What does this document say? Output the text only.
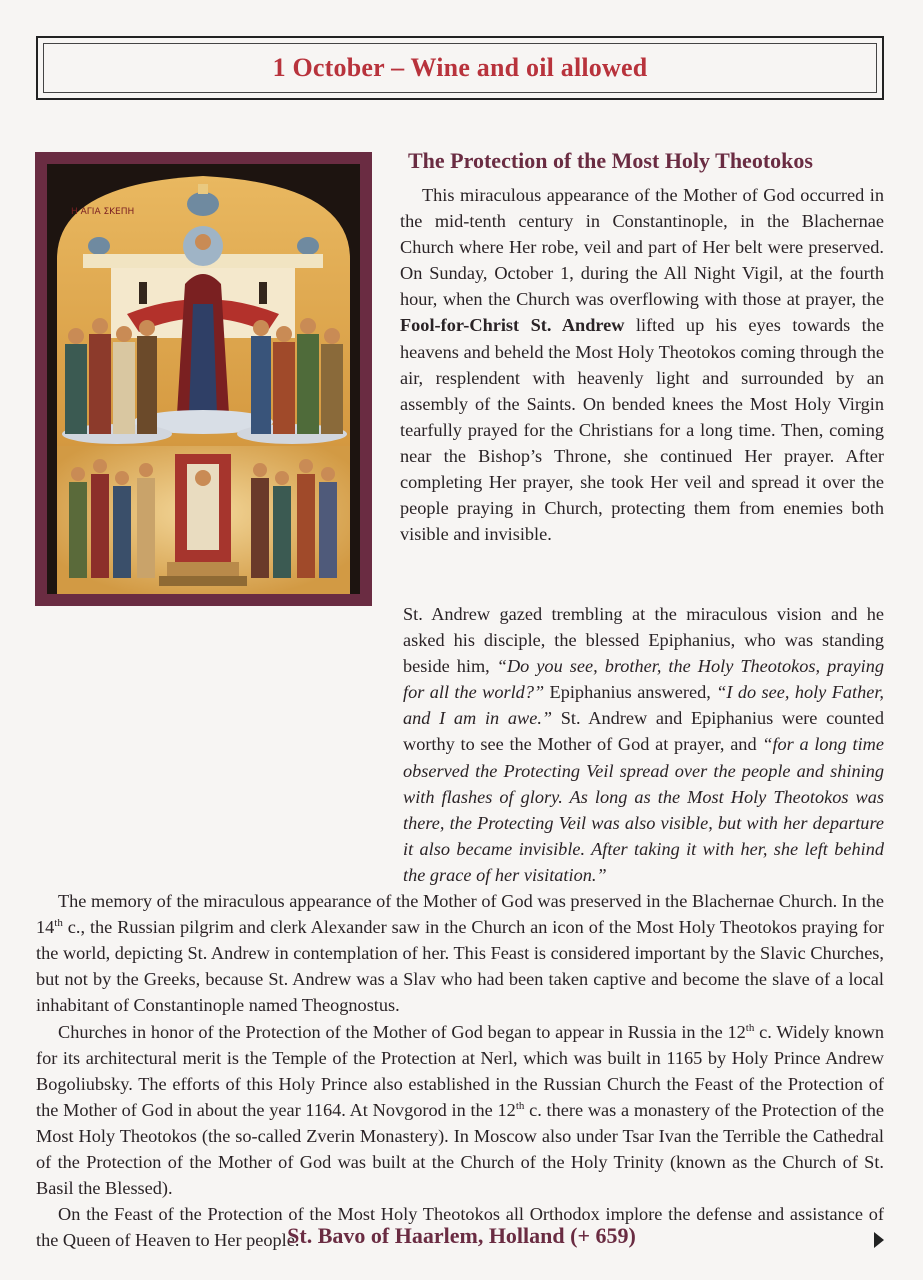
1 October – Wine and oil allowed
Η ΑΓΙΑ ΣΚΕΠΗ
The Protection of the Most Holy Theotokos

This miraculous appearance of the Mother of God occurred in the mid-tenth century in Constantinople, in the Blachernae Church where Her robe, veil and part of Her belt were preserved. On Sunday, October 1, during the All Night Vigil, at the fourth hour, when the Church was overflowing with those at prayer, the Fool-for-Christ St. Andrew lifted up his eyes towards the heavens and beheld the Most Holy Theotokos coming through the air, resplendent with heavenly light and surrounded by an assembly of the Saints. On bended knees the Most Holy Virgin tearfully prayed for the Christians for a long time. Then, coming near the Bishop’s Throne, she continued Her prayer. After completing Her prayer, she took Her veil and spread it over the people praying in Church, protecting them from enemies both visible and invisible.

St. Andrew gazed trembling at the miraculous vision and he asked his disciple, the blessed Epiphanius, who was standing beside him, “Do you see, brother, the Holy Theotokos, praying for all the world?” Epiphanius answered, “I do see, holy Father, and I am in awe.” St. Andrew and Epiphanius were counted worthy to see the Mother of God at prayer, and “for a long time observed the Protecting Veil spread over the people and shining with flashes of glory. As long as the Most Holy Theotokos was there, the Protecting Veil was also visible, but with her departure it also became invisible. After taking it with her, she left behind the grace of her visitation.”

The memory of the miraculous appearance of the Mother of God was preserved in the Blachernae Church. In the 14th c., the Russian pilgrim and clerk Alexander saw in the Church an icon of the Most Holy Theotokos praying for the world, depicting St. Andrew in contemplation of her. This Feast is considered important by the Slavic Churches, but not by the Greeks, because St. Andrew was a Slav who had been taken captive and become the slave of a local inhabitant of Constantinople named Theognostus.

Churches in honor of the Protection of the Mother of God began to appear in Russia in the 12th c. Widely known for its architectural merit is the Temple of the Protection at Nerl, which was built in 1165 by Holy Prince Andrew Bogoliubsky. The efforts of this Holy Prince also established in the Russian Church the Feast of the Protection of the Mother of God in about the year 1164. At Novgorod in the 12th c. there was a monastery of the Protection of the Most Holy Theotokos (the so-called Zverin Monastery). In Moscow also under Tsar Ivan the Terrible the Cathedral of the Protection of the Mother of God was built at the Church of the Holy Trinity (known as the Church of St. Basil the Blessed).

On the Feast of the Protection of the Most Holy Theotokos all Orthodox implore the defense and assistance of the Queen of Heaven to Her people.

St. Bavo of Haarlem, Holland (+ 659)
